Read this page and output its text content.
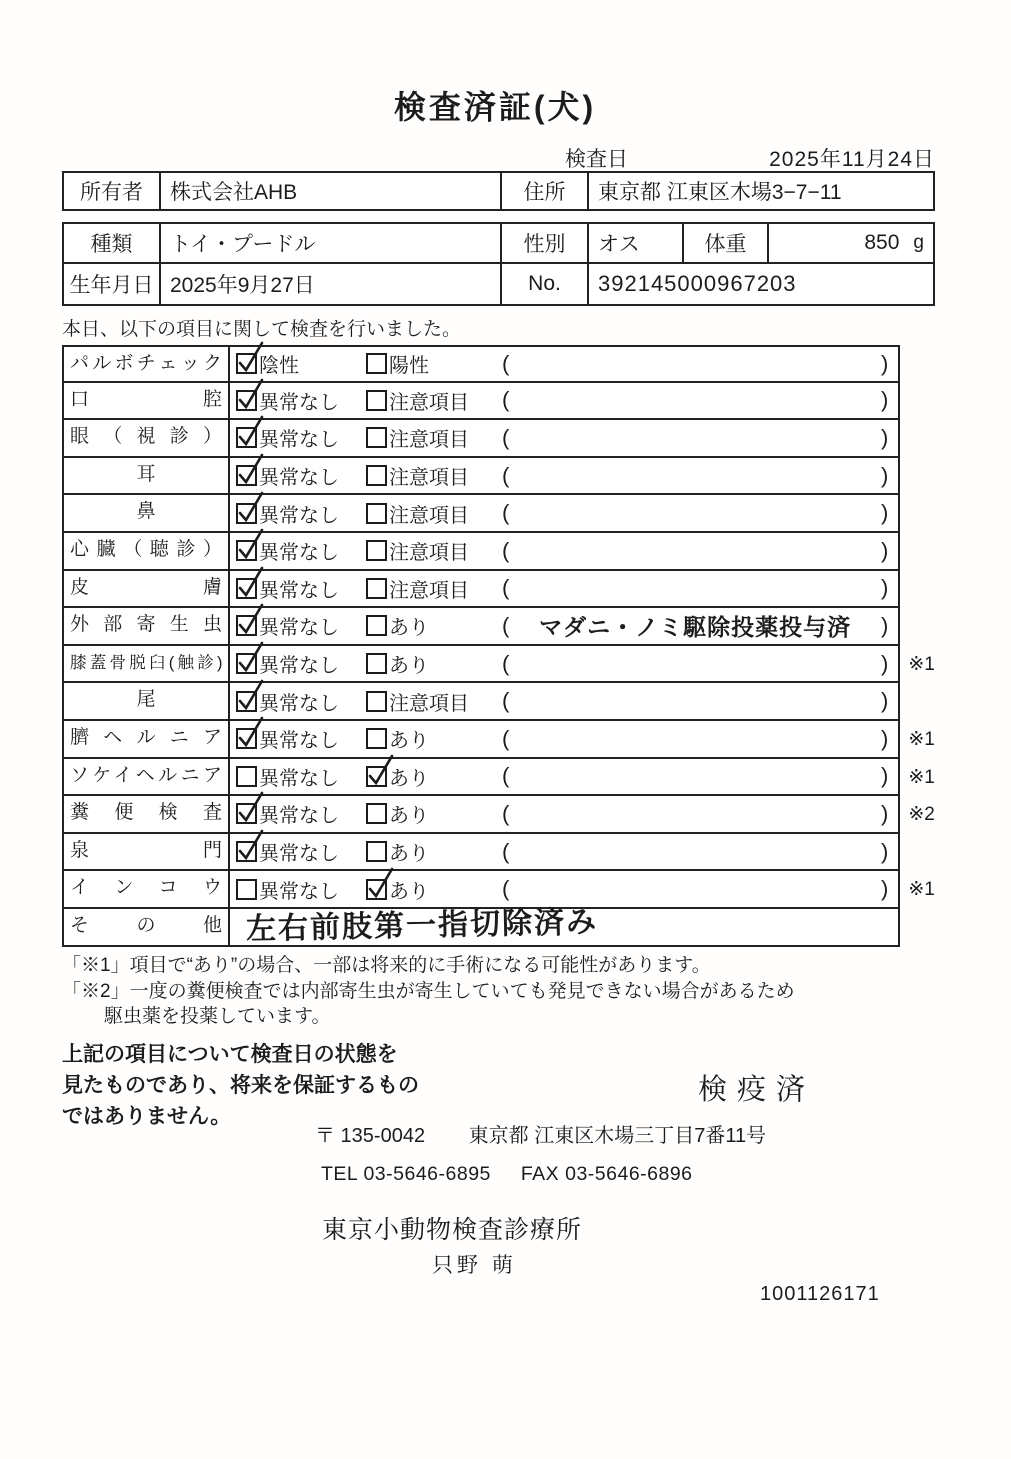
検査済証(犬)
検査日	2025年11月24日
所有者	株式会社AHB	住所	東京都 江東区木場3−7−11
種類	トイ・プードル	性別	オス	体重	850 g
生年月日 2025年9月27日	No.	392145000967203
本日、以下の項目に関して検査を行いました。
パルボチェック	陰性	陽性	(	)
口腔	異常なし	注意項目 (	)
眼（視診）	異常なし	注意項目 (	)
耳	異常なし	注意項目 (	)
鼻	異常なし	注意項目 (	)
心臓（聴診）	異常なし	注意項目 (	)
皮膚	異常なし	注意項目 (	)
外部寄生虫	異常なし	あり	(	マダニ・ノミ駆除投薬投与済	)
膝蓋骨脱臼(触診)	異常なし	あり	(	)	※1
尾	異常なし	注意項目 (	)
臍ヘルニア	異常なし	あり	(	)	※1
ソケイヘルニア	異常なし	あり	(	)	※1
糞便検査	異常なし	あり	(	)	※2
泉門	異常なし	あり	(	)
インコウ	異常なし	あり	(	)	※1
その他 左右前肢第一指切除済み
「※1」項目で“あり”の場合、一部は将来的に手術になる可能性があります。
「※2」一度の糞便検査では内部寄生虫が寄生していても発見できない場合があるため
駆虫薬を投薬しています。
上記の項目について検査日の状態を
見たものであり、将来を保証するもの
ではありません。
検疫済
〒 135-0042 東京都 江東区木場三丁目7番11号
TEL 03-5646-6895 FAX 03-5646-6896
東京小動物検査診療所
只野 萌
1001126171
